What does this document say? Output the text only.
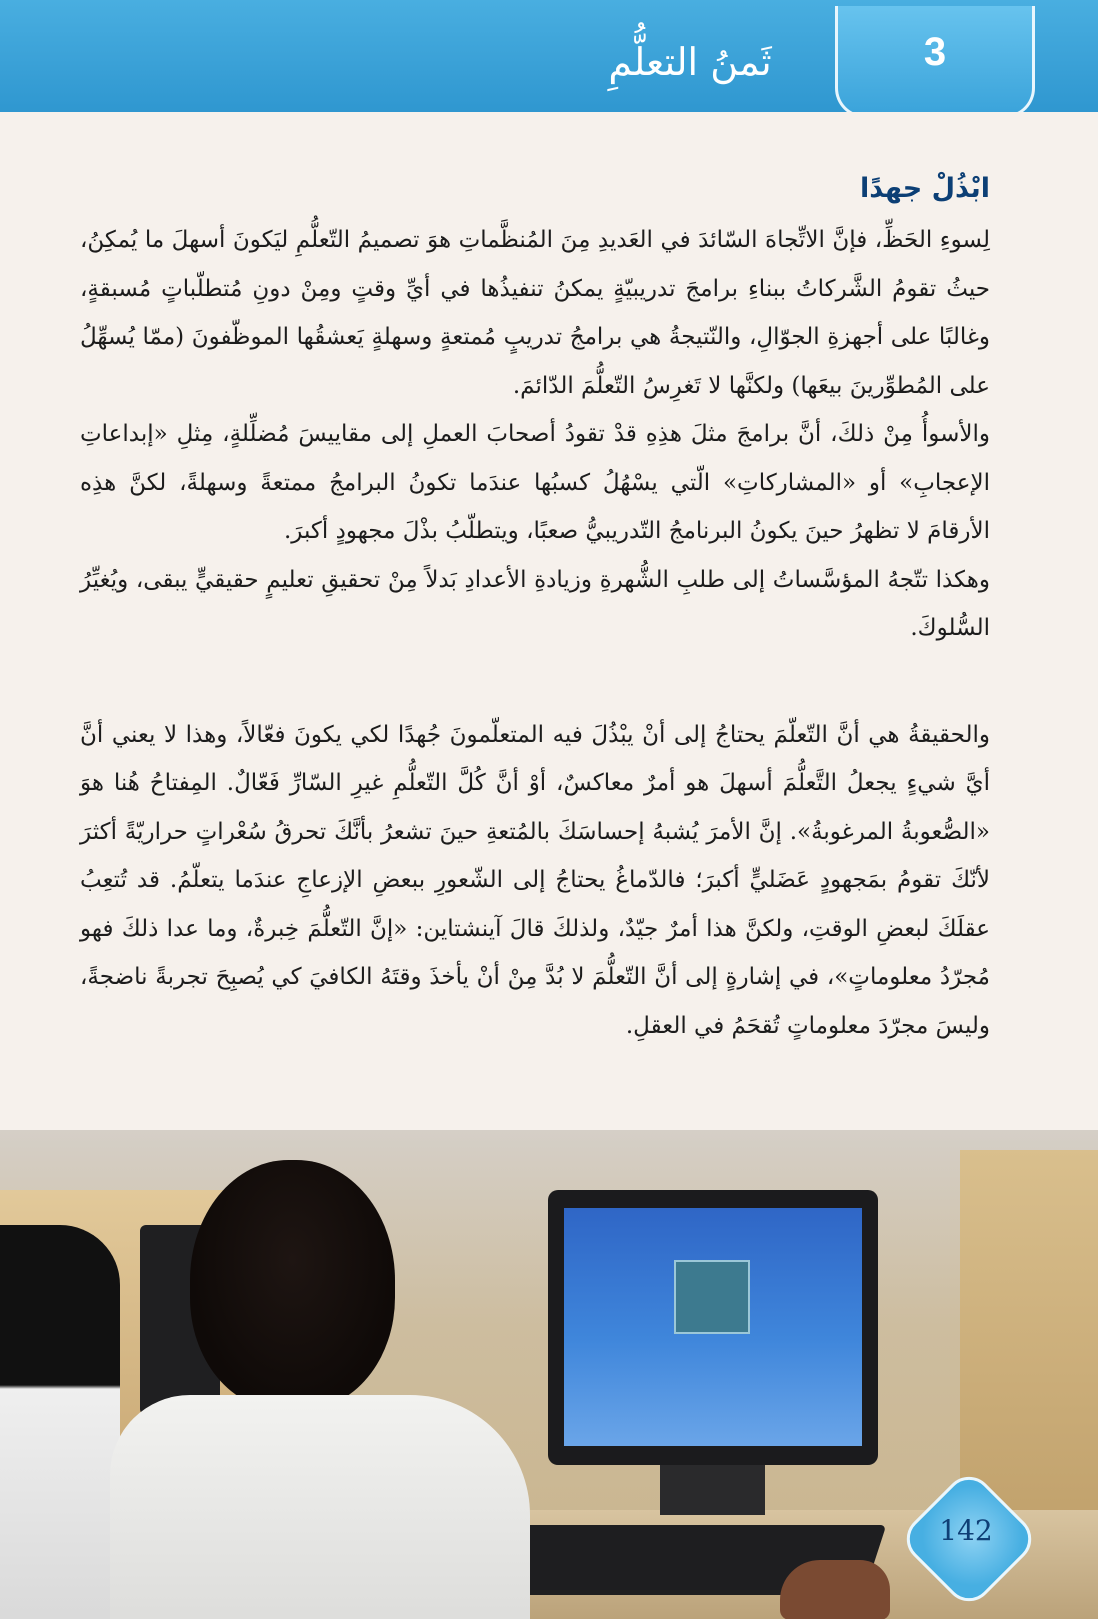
3
ثَمنُ التعلُّمِ
ابْذُلْ جهدًا

لِسوءِ الحَظِّ، فإنَّ الاتِّجاهَ السّائدَ في العَديدِ مِنَ المُنظَّماتِ هوَ تصميمُ التّعلُّمِ ليَكونَ أسهلَ ما يُمكِنُ، حيثُ تقومُ الشَّركاتُ ببناءِ برامجَ تدريبيّةٍ يمكنُ تنفيذُها في أيِّ وقتٍ ومِنْ دونِ مُتطلّباتٍ مُسبقةٍ، وغالبًا على أجهزةِ الجوّالِ، والنّتيجةُ هي برامجُ تدريبٍ مُمتعةٍ وسهلةٍ يَعشقُها الموظّفونَ (ممّا يُسهِّلُ على المُطوِّرينَ بيعَها) ولكنَّها لا تَغرِسُ التّعلُّمَ الدّائمَ.

والأسوأُ مِنْ ذلكَ، أنَّ برامجَ مثلَ هذِهِ قدْ تقودُ أصحابَ العملِ إلى مقاييسَ مُضلِّلةٍ، مِثلِ «إبداعاتِ الإعجابِ» أو «المشاركاتِ» الّتي يسْهُلُ كسبُها عندَما تكونُ البرامجُ ممتعةً وسهلةً، لكنَّ هذِه الأرقامَ لا تظهرُ حينَ يكونُ البرنامجُ التّدريبيُّ صعبًا، ويتطلّبُ بذْلَ مجهودٍ أكبرَ.

وهكذا تتّجهُ المؤسَّساتُ إلى طلبِ الشُّهرةِ وزيادةِ الأعدادِ بَدلاً مِنْ تحقيقِ تعليمٍ حقيقيٍّ يبقى، ويُغيِّرُ السُّلوكَ.

والحقيقةُ هي أنَّ التّعلّمَ يحتاجُ إلى أنْ يبْذُلَ فيه المتعلّمونَ جُهدًا لكي يكونَ فعّالاً، وهذا لا يعني أنَّ أيَّ شيءٍ يجعلُ التَّعلُّمَ أسهلَ هو أمرٌ معاكسٌ، أوْ أنَّ كُلَّ التّعلُّمِ غيرِ السّارِّ فَعّالٌ. المِفتاحُ هُنا هوَ «الصُّعوبةُ المرغوبةُ». إنَّ الأمرَ يُشبهُ إحساسَكَ بالمُتعةِ حينَ تشعرُ بأنَّكَ تحرقُ سُعْراتٍ حراريّةً أكثرَ لأنّكَ تقومُ بمَجهودٍ عَضَليٍّ أكبرَ؛ فالدّماغُ يحتاجُ إلى الشّعورِ ببعضِ الإزعاجِ عندَما يتعلّمُ. قد تُتعِبُ عقلَكَ لبعضِ الوقتِ، ولكنَّ هذا أمرٌ جيّدٌ، ولذلكَ قالَ آينشتاين: «إنَّ التّعلُّمَ خِبرةٌ، وما عدا ذلكَ فهو مُجرّدُ معلوماتٍ»، في إشارةٍ إلى أنَّ التّعلُّمَ لا بُدَّ مِنْ أنْ يأخذَ وقتَهُ الكافيَ كي يُصبِحَ تجربةً ناضجةً، وليسَ مجرّدَ معلوماتٍ تُقحَمُ في العقلِ.

142
